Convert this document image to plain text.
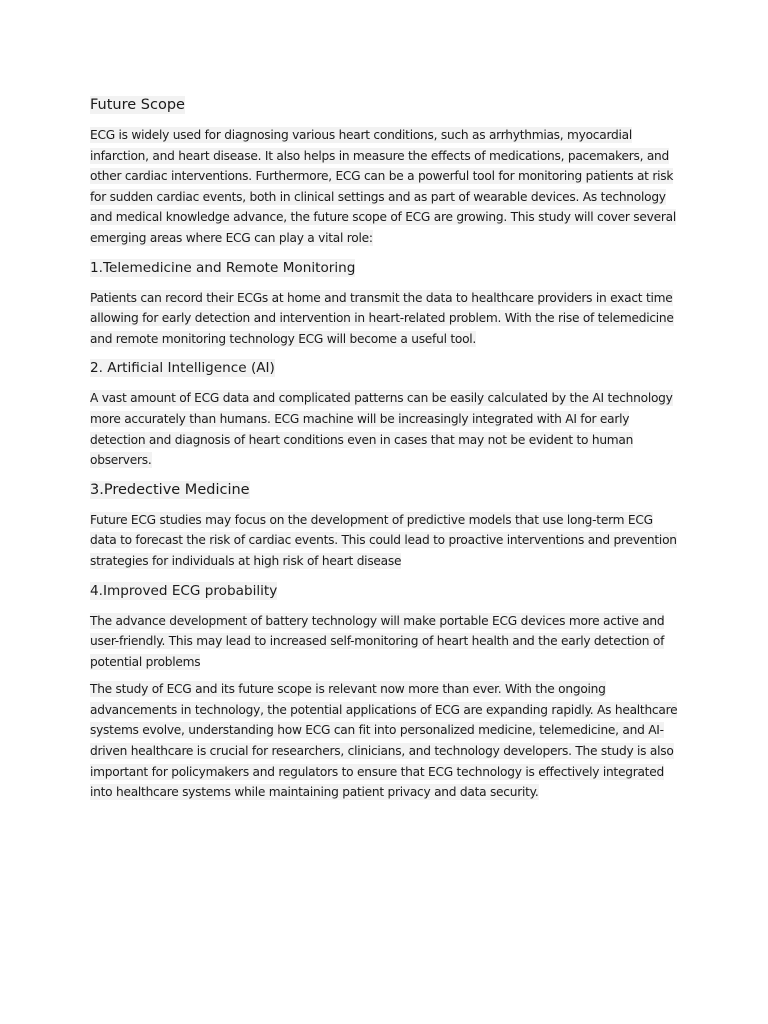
Future Scope

ECG is widely used for diagnosing various heart conditions, such as arrhythmias, myocardial infarction, and heart disease. It also helps in measure the effects of medications, pacemakers, and other cardiac interventions. Furthermore, ECG can be a powerful tool for monitoring patients at risk for sudden cardiac events, both in clinical settings and as part of wearable devices. As technology and medical knowledge advance, the future scope of ECG are growing. This study will cover several emerging areas where ECG can play a vital role:

1.Telemedicine and Remote Monitoring

Patients can record their ECGs at home and transmit the data to healthcare providers in exact time allowing for early detection and intervention in heart-related problem. With the rise of telemedicine and remote monitoring technology ECG will become a useful tool.

2. Artificial Intelligence (AI)

A vast amount of ECG data and complicated patterns can be easily calculated by the AI technology more accurately than humans. ECG machine will be increasingly integrated with AI for early detection and diagnosis of heart conditions even in cases that may not be evident to human observers.

3.Predective Medicine

Future ECG studies may focus on the development of predictive models that use long-term ECG data to forecast the risk of cardiac events. This could lead to proactive interventions and prevention strategies for individuals at high risk of heart disease

4.Improved ECG probability

The advance development of battery technology will make portable ECG devices more active and user-friendly. This may lead to increased self-monitoring of heart health and the early detection of potential problems

The study of ECG and its future scope is relevant now more than ever. With the ongoing advancements in technology, the potential applications of ECG are expanding rapidly. As healthcare systems evolve, understanding how ECG can fit into personalized medicine, telemedicine, and AI-driven healthcare is crucial for researchers, clinicians, and technology developers. The study is also important for policymakers and regulators to ensure that ECG technology is effectively integrated into healthcare systems while maintaining patient privacy and data security.
